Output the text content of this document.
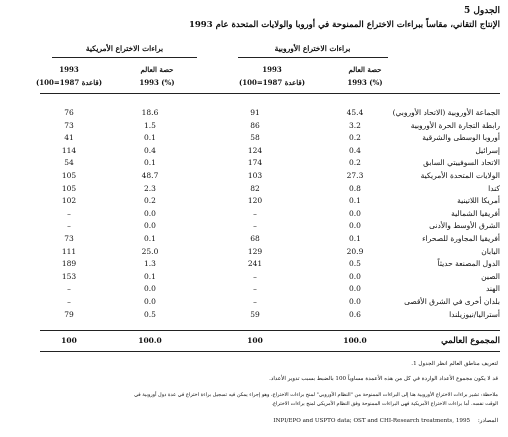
الجدول 5
الإنتاج التقاني، مقاساً ببراءات الاختراع الممنوحة في أوروبا والولايات المتحدة عام 1993
براءات الاختراع الأوروبية
براءات الاختراع الأمريكية
حصة العالم
1993 (%)
1993
(قاعدة 1987=100)
حصة العالم
1993 (%)
1993
(قاعدة 1987=100)
الجماعة الأوروبية (الاتحاد الأوروبي)
45.4
91
18.6
76
رابطة التجارة الحرة الأوروبية
3.2
86
1.5
73
أوروبا الوسطى والشرقية
0.2
58
0.1
41
إسرائيل
0.4
124
0.4
114
الاتحاد السوفييتي السابق
0.2
174
0.1
54
الولايات المتحدة الأمريكية
27.3
103
48.7
105
كندا
0.8
82
2.3
105
أمريكا اللاتينية
0.1
120
0.2
102
أفريقيا الشمالية
0.0
–
0.0
–
الشرق الأوسط والأدنى
0.0
–
0.0
–
أفريقيا المجاورة للصحراء
0.1
68
0.1
73
اليابان
20.9
129
25.0
111
الدول المصنعة حديثاً
0.5
241
1.3
189
الصين
0.0
–
0.1
153
الهند
0.0
–
0.0
–
بلدان أخرى في الشرق الأقصى
0.0
–
0.0
–
أستراليا/نيوزيلندا
0.6
59
0.5
79
المجموع العالمي
100.0
100
100.0
100
لتعريف مناطق العالم انظر الجدول 1.
قد لا يكون مجموع الأعداد الواردة في كل من هذه الأعمدة مساوياً 100 بالضبط بسبب تدوير الأعداد.
ملاحظة: تشير براءات الاختراع الأوروبية هنا إلى البراءات الممنوحة من "النظام الأوروبي" لمنح براءات الاختراع، وهو إجراء يمكن فيه تسجيل براءة اختراع في عدة دول أوروبية في
الوقت نفسه. أما براءات الاختراع الأمريكية فهي البراءات الممنوحة وفق النظام الأمريكي لمنح براءات الاختراع.
المصادر: INPI/EPO and USPTO data; OST and CHI-Research treatments, 1995
